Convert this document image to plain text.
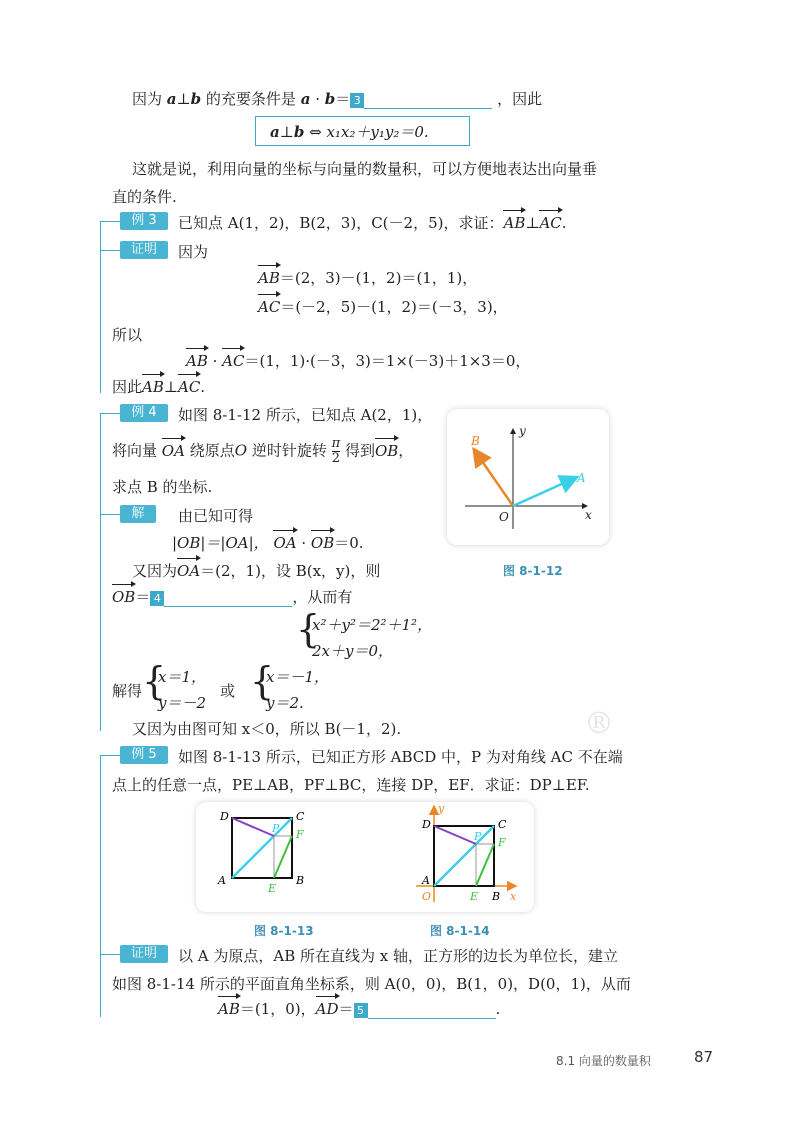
因为 a⊥b 的充要条件是 a · b＝ 3	，因此
a⊥b ⇔ x₁x₂＋y₁y₂＝0.
这就是说，利用向量的坐标与向量的数量积，可以方便地表达出向量垂
直的条件.
例 3	已知点 A(1，2)，B(2，3)，C(－2，5)，求证：AB⊥AC.
证明	因为
AB＝(2，3)－(1，2)＝(1，1)，
AC＝(－2，5)－(1，2)＝(－3，3)，
所以
AB · AC＝(1，1)·(－3，3)＝1×(－3)＋1×3＝0，
因此AB⊥AC.
例 4	如图 8-1-12 所示，已知点 A(2，1)，
将向量 OA 绕原点O 逆时针旋转 $\frac{\pi}{2}$ 得到OB，
求点 B 的坐标.
解	由已知可得
|OB|＝|OA|， OA · OB＝0.
又因为OA＝(2，1)，设 B(x，y)，则
OB＝ 4	，从而有
{
x²＋y²＝2²＋1²，
2x＋y＝0，
解得 {
x＝1，
y＝－2
或 {
x＝－1，
y＝2.
又因为由图可知 x＜0，所以 B(－1，2).
B
A
O	x
y
图 8-1-12
®
例 5	如图 8-1-13 所示，已知正方形 ABCD 中，P 为对角线 AC 不在端
点上的任意一点，PE⊥AB，PF⊥BC，连接 DP，EF．求证：DP⊥EF.
D	C
P F
A
E
B
y
D	C
P F
A
O	E B x
图 8-1-13	图 8-1-14
证明	以 A 为原点，AB 所在直线为 x 轴，正方形的边长为单位长，建立
如图 8-1-14 所示的平面直角坐标系，则 A(0，0)，B(1，0)，D(0，1)，从而
AB＝(1，0)，AD＝ 5	.
8.1 向量的数量积	87
